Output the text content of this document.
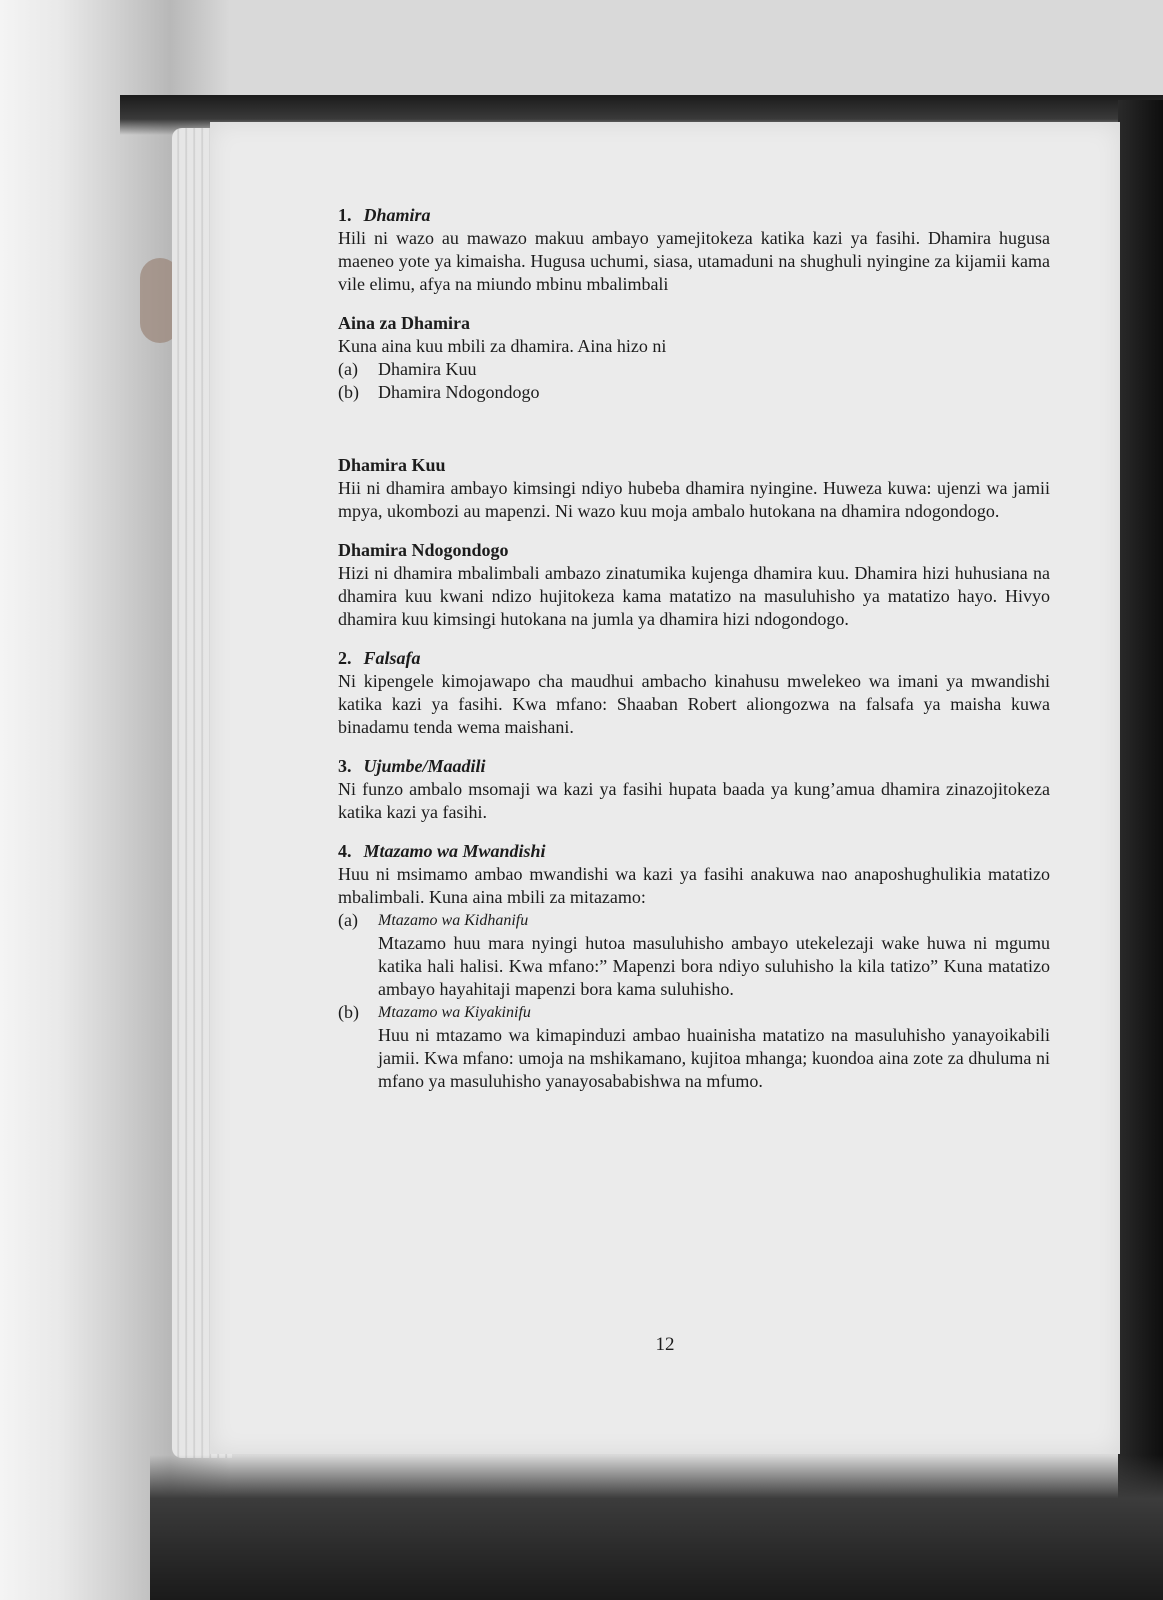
1. Dhamira

Hili ni wazo au mawazo makuu ambayo yamejitokeza katika kazi ya fasihi. Dhamira hugusa maeneo yote ya kimaisha. Hugusa uchumi, siasa, utamaduni na shughuli nyingine za kijamii kama vile elimu, afya na miundo mbinu mbalimbali

Aina za Dhamira

Kuna aina kuu mbili za dhamira. Aina hizo ni

(a)	Dhamira Kuu
(b)	Dhamira Ndogondogo

Dhamira Kuu

Hii ni dhamira ambayo kimsingi ndiyo hubeba dhamira nyingine. Huweza kuwa: ujenzi wa jamii mpya, ukombozi au mapenzi. Ni wazo kuu moja ambalo hutokana na dhamira ndogondogo.

Dhamira Ndogondogo

Hizi ni dhamira mbalimbali ambazo zinatumika kujenga dhamira kuu. Dhamira hizi huhusiana na dhamira kuu kwani ndizo hujitokeza kama matatizo na masuluhisho ya matatizo hayo. Hivyo dhamira kuu kimsingi hutokana na jumla ya dhamira hizi ndogondogo.

2. Falsafa

Ni kipengele kimojawapo cha maudhui ambacho kinahusu mwelekeo wa imani ya mwandishi katika kazi ya fasihi. Kwa mfano: Shaaban Robert aliongozwa na falsafa ya maisha kuwa binadamu tenda wema maishani.

3. Ujumbe/Maadili

Ni funzo ambalo msomaji wa kazi ya fasihi hupata baada ya kung’amua dhamira zinazojitokeza katika kazi ya fasihi.

4. Mtazamo wa Mwandishi

Huu ni msimamo ambao mwandishi wa kazi ya fasihi anakuwa nao anaposhughulikia matatizo mbalimbali. Kuna aina mbili za mitazamo:

(a)	Mtazamo wa Kidhanifu

Mtazamo huu mara nyingi hutoa masuluhisho ambayo utekelezaji wake huwa ni mgumu katika hali halisi. Kwa mfano:” Mapenzi bora ndiyo suluhisho la kila tatizo” Kuna matatizo ambayo hayahitaji mapenzi bora kama suluhisho.

(b)	Mtazamo wa Kiyakinifu

Huu ni mtazamo wa kimapinduzi ambao huainisha matatizo na masuluhisho yanayoikabili jamii. Kwa mfano: umoja na mshikamano, kujitoa mhanga; kuondoa aina zote za dhuluma ni mfano ya masuluhisho yanayosababishwa na mfumo.

12
